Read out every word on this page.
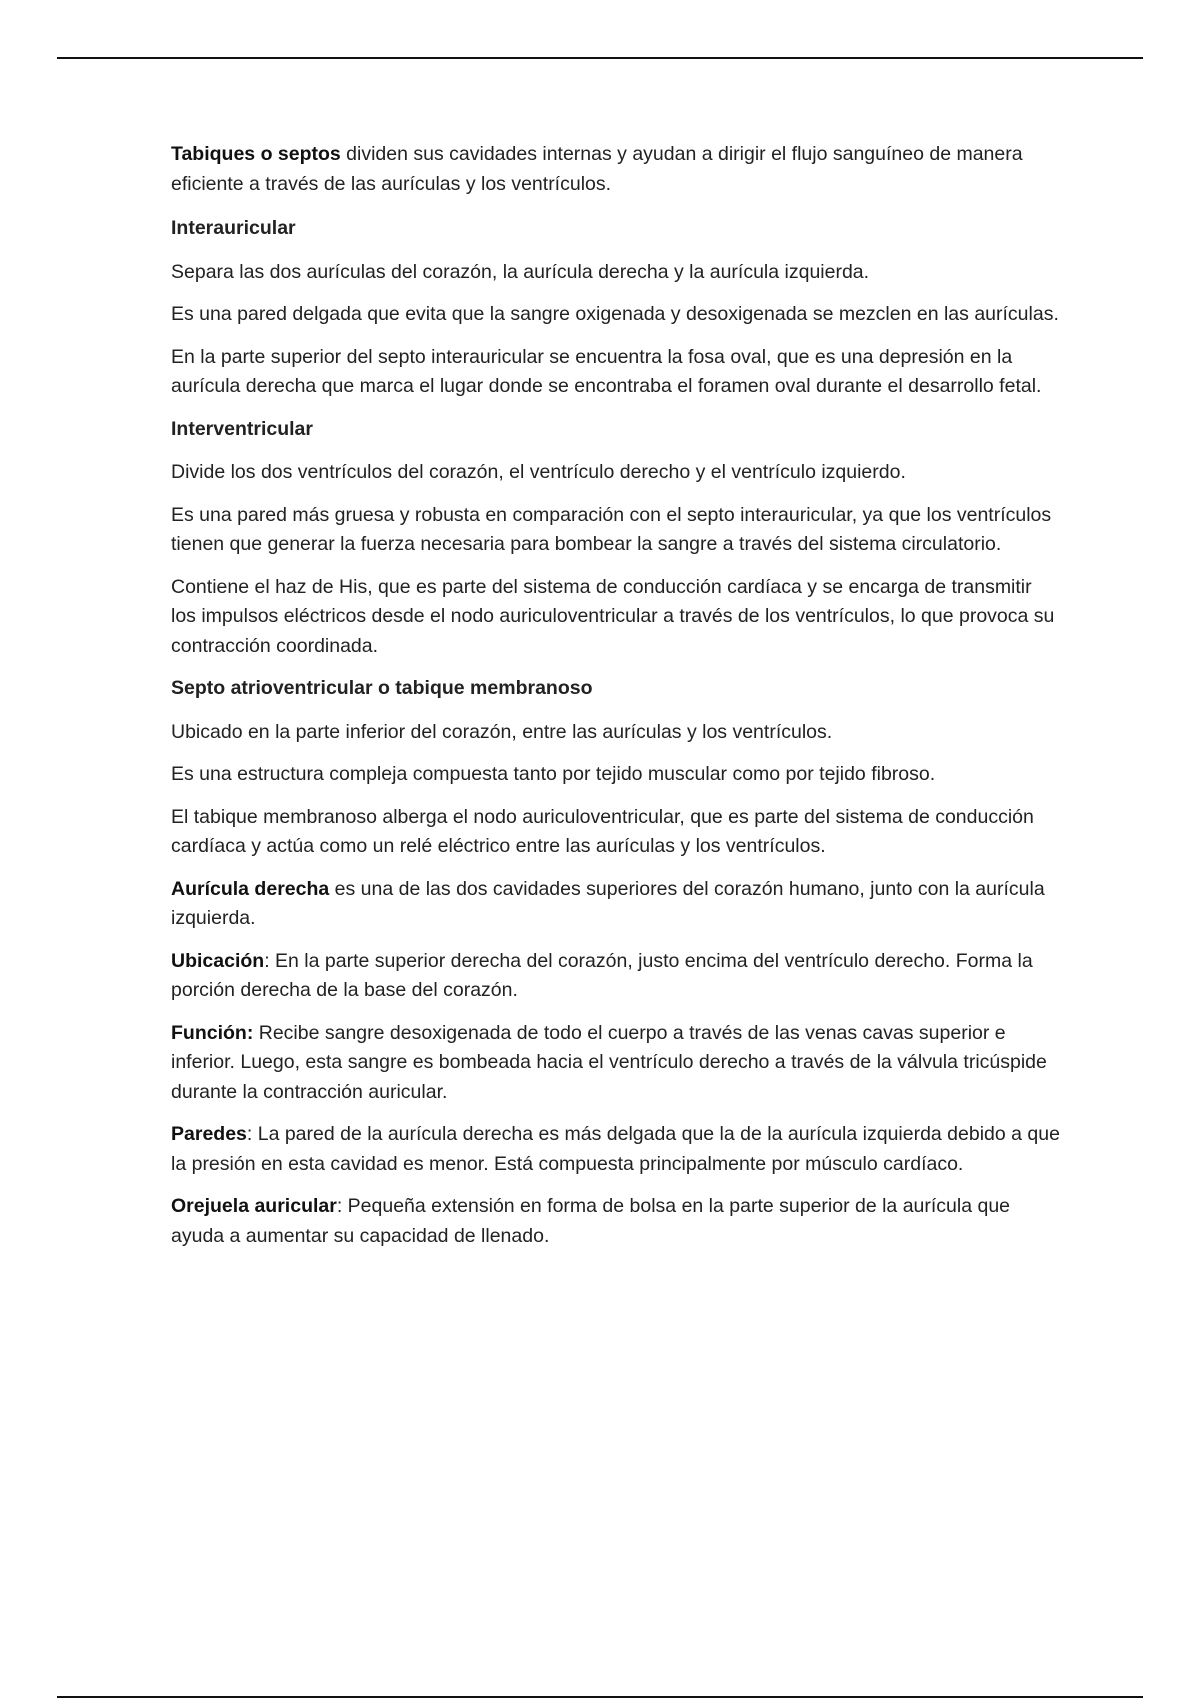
Tabiques o septos dividen sus cavidades internas y ayudan a dirigir el flujo sanguíneo de manera eficiente a través de las aurículas y los ventrículos.

Interauricular

Separa las dos aurículas del corazón, la aurícula derecha y la aurícula izquierda.

Es una pared delgada que evita que la sangre oxigenada y desoxigenada se mezclen en las aurículas.

En la parte superior del septo interauricular se encuentra la fosa oval, que es una depresión en la aurícula derecha que marca el lugar donde se encontraba el foramen oval durante el desarrollo fetal.

Interventricular

Divide los dos ventrículos del corazón, el ventrículo derecho y el ventrículo izquierdo.

Es una pared más gruesa y robusta en comparación con el septo interauricular, ya que los ventrículos tienen que generar la fuerza necesaria para bombear la sangre a través del sistema circulatorio.

Contiene el haz de His, que es parte del sistema de conducción cardíaca y se encarga de transmitir los impulsos eléctricos desde el nodo auriculoventricular a través de los ventrículos, lo que provoca su contracción coordinada.

Septo atrioventricular o tabique membranoso

Ubicado en la parte inferior del corazón, entre las aurículas y los ventrículos.

Es una estructura compleja compuesta tanto por tejido muscular como por tejido fibroso.

El tabique membranoso alberga el nodo auriculoventricular, que es parte del sistema de conducción cardíaca y actúa como un relé eléctrico entre las aurículas y los ventrículos.

Aurícula derecha es una de las dos cavidades superiores del corazón humano, junto con la aurícula izquierda.

Ubicación: En la parte superior derecha del corazón, justo encima del ventrículo derecho. Forma la porción derecha de la base del corazón.

Función: Recibe sangre desoxigenada de todo el cuerpo a través de las venas cavas superior e inferior. Luego, esta sangre es bombeada hacia el ventrículo derecho a través de la válvula tricúspide durante la contracción auricular.

Paredes: La pared de la aurícula derecha es más delgada que la de la aurícula izquierda debido a que la presión en esta cavidad es menor. Está compuesta principalmente por músculo cardíaco.

Orejuela auricular: Pequeña extensión en forma de bolsa en la parte superior de la aurícula que ayuda a aumentar su capacidad de llenado.
